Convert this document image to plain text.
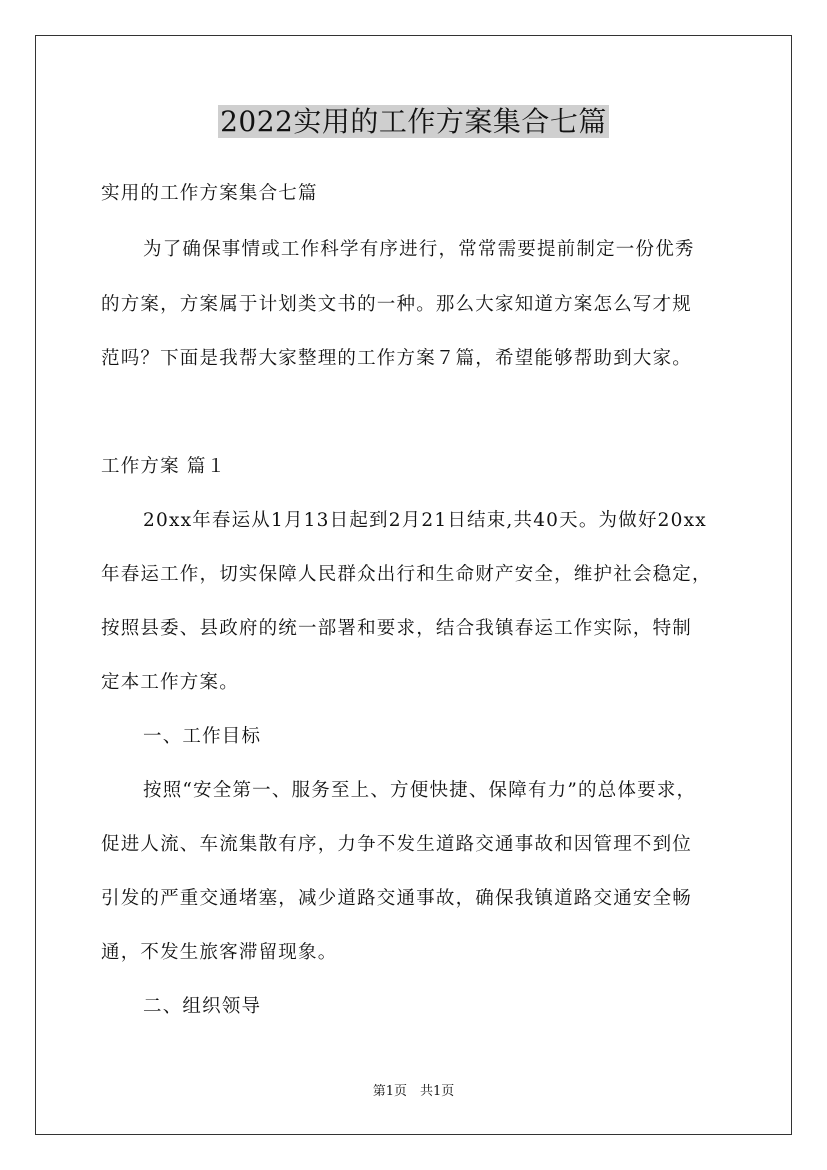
2022实用的工作方案集合七篇
实用的工作方案集合七篇
为了确保事情或工作科学有序进行，常常需要提前制定一份优秀
的方案，方案属于计划类文书的一种。那么大家知道方案怎么写才规
范吗？下面是我帮大家整理的工作方案７篇，希望能够帮助到大家。
工作方案 篇１
20xx年春运从1月13日起到2月21日结束,共40天。为做好20xx
年春运工作，切实保障人民群众出行和生命财产安全，维护社会稳定，
按照县委、县政府的统一部署和要求，结合我镇春运工作实际，特制
定本工作方案。
一、工作目标
按照“安全第一、服务至上、方便快捷、保障有力”的总体要求，
促进人流、车流集散有序，力争不发生道路交通事故和因管理不到位
引发的严重交通堵塞，减少道路交通事故，确保我镇道路交通安全畅
通，不发生旅客滞留现象。
二、组织领导
第1页　共1页
